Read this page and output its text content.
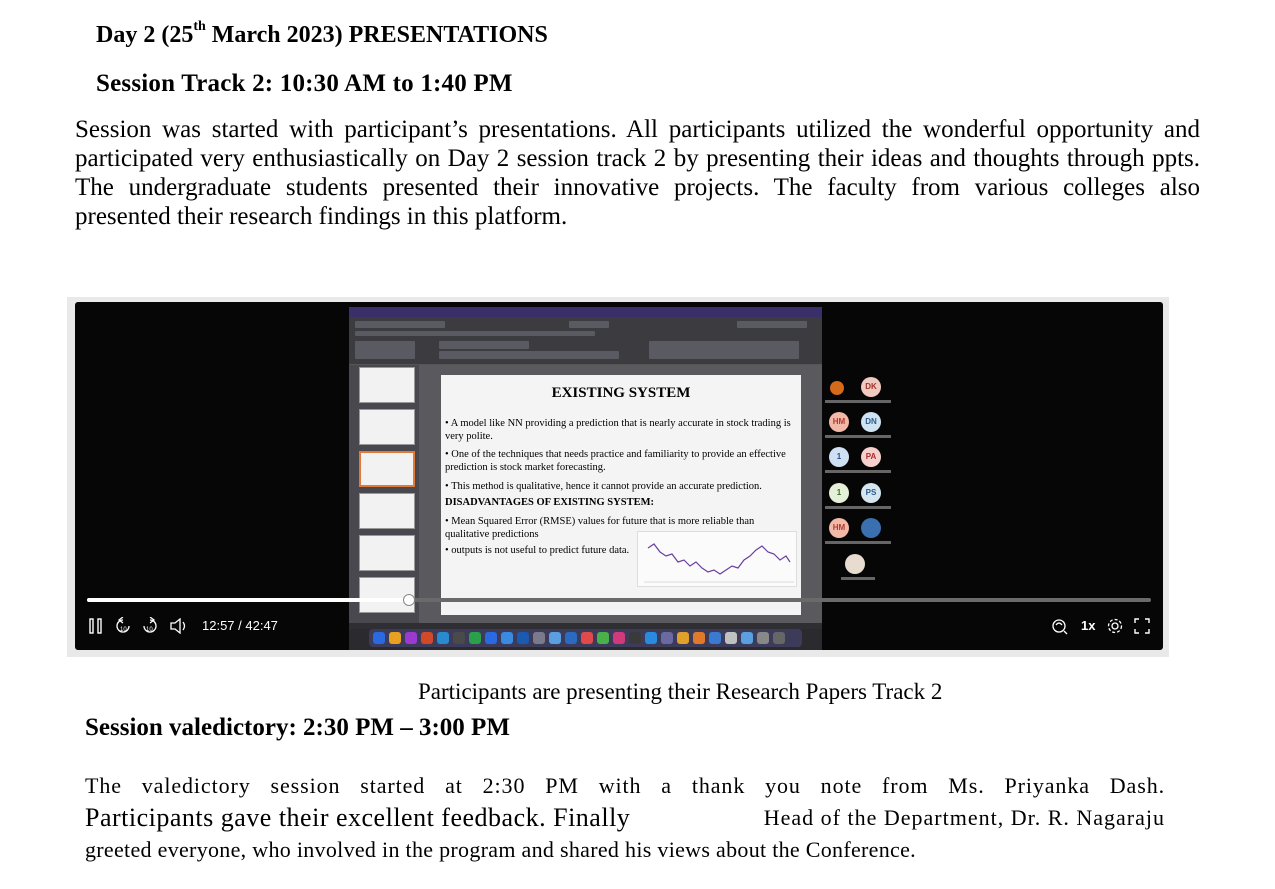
Day 2 (25th March 2023) PRESENTATIONS
Session Track 2: 10:30 AM to 1:40 PM

Session was started with participant’s presentations. All participants utilized the wonderful opportunity and participated very enthusiastically on Day 2 session track 2 by presenting their ideas and thoughts through ppts. The undergraduate students presented their innovative projects. The faculty from various colleges also presented their research findings in this platform.

EXISTING SYSTEM
• A model like NN providing a prediction that is nearly accurate in stock trading is
very polite.
• One of the techniques that needs practice and familiarity to provide an effective
prediction is stock market forecasting.
• This method is qualitative, hence it cannot provide an accurate prediction.
DISADVANTAGES OF EXISTING SYSTEM:
• Mean Squared Error (RMSE) values for future that is more reliable than
qualitative predictions
• outputs is not useful to predict future data.
DK
HM	DN
1	PA
1	PS
HM
10	10	12:57 / 42:47	1x
Participants are presenting their Research Papers Track 2
Session valedictory: 2:30 PM – 3:00 PM
The valedictory session started at 2:30 PM with a thank you note from Ms. Priyanka Dash.
Participants gave their excellent feedback. Finally	Head of the Department, Dr. R. Nagaraju
greeted everyone, who involved in the program and shared his views about the Conference.
